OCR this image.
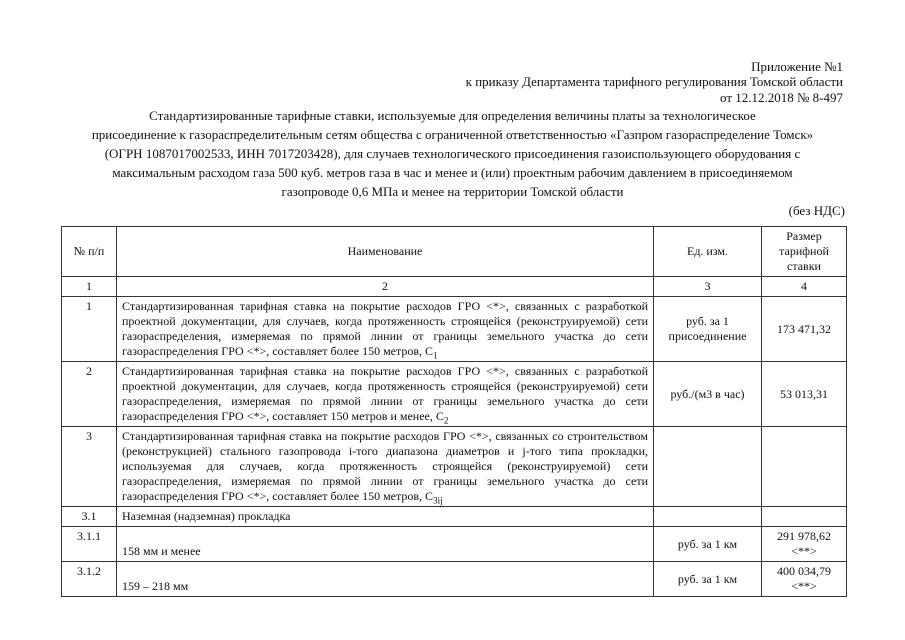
Приложение №1
к приказу Департамента тарифного регулирования Томской области
от 12.12.2018 № 8-497
Стандартизированные тарифные ставки, используемые для определения величины платы за технологическое
присоединение к газораспределительным сетям общества с ограниченной ответственностью «Газпром газораспределение Томск»
(ОГРН 1087017002533, ИНН 7017203428), для случаев технологического присоединения газоиспользующего оборудования с
максимальным расходом газа 500 куб. метров газа в час и менее и (или) проектным рабочим давлением в присоединяемом
газопроводе 0,6 МПа и менее на территории Томской области
(без НДС)
№ п/п	Наименование	Ед. изм.	Размер тарифной ставки
1	2	3	4
1	Стандартизированная тарифная ставка на покрытие расходов ГРО <*>, связанных с разработкой проектной документации, для случаев, когда протяженность строящейся (реконструируемой) сети газораспределения, измеряемая по прямой линии от границы земельного участка до сети газораспределения ГРО <*>, составляет более 150 метров, $С_1$	руб. за 1 присоединение	173 471,32
2	Стандартизированная тарифная ставка на покрытие расходов ГРО <*>, связанных с разработкой проектной документации, для случаев, когда протяженность строящейся (реконструируемой) сети газораспределения, измеряемая по прямой линии от границы земельного участка до сети газораспределения ГРО <*>, составляет 150 метров и менее, $С_2$	руб./(м3 в час)	53 013,31
3	Стандартизированная тарифная ставка на покрытие расходов ГРО <*>, связанных со строительством (реконструкцией) стального газопровода i-того диапазона диаметров и j-того типа прокладки, используемая для случаев, когда протяженность строящейся (реконструируемой) сети газораспределения, измеряемая по прямой линии от границы земельного участка до сети газораспределения ГРО <*>, составляет более 150 метров, $С_{3ij}$		
3.1	Наземная (надземная) прокладка		
3.1.1	158 мм и менее	руб. за 1 км	291 978,62 <**>
3.1.2	159 – 218 мм	руб. за 1 км	400 034,79 <**>
